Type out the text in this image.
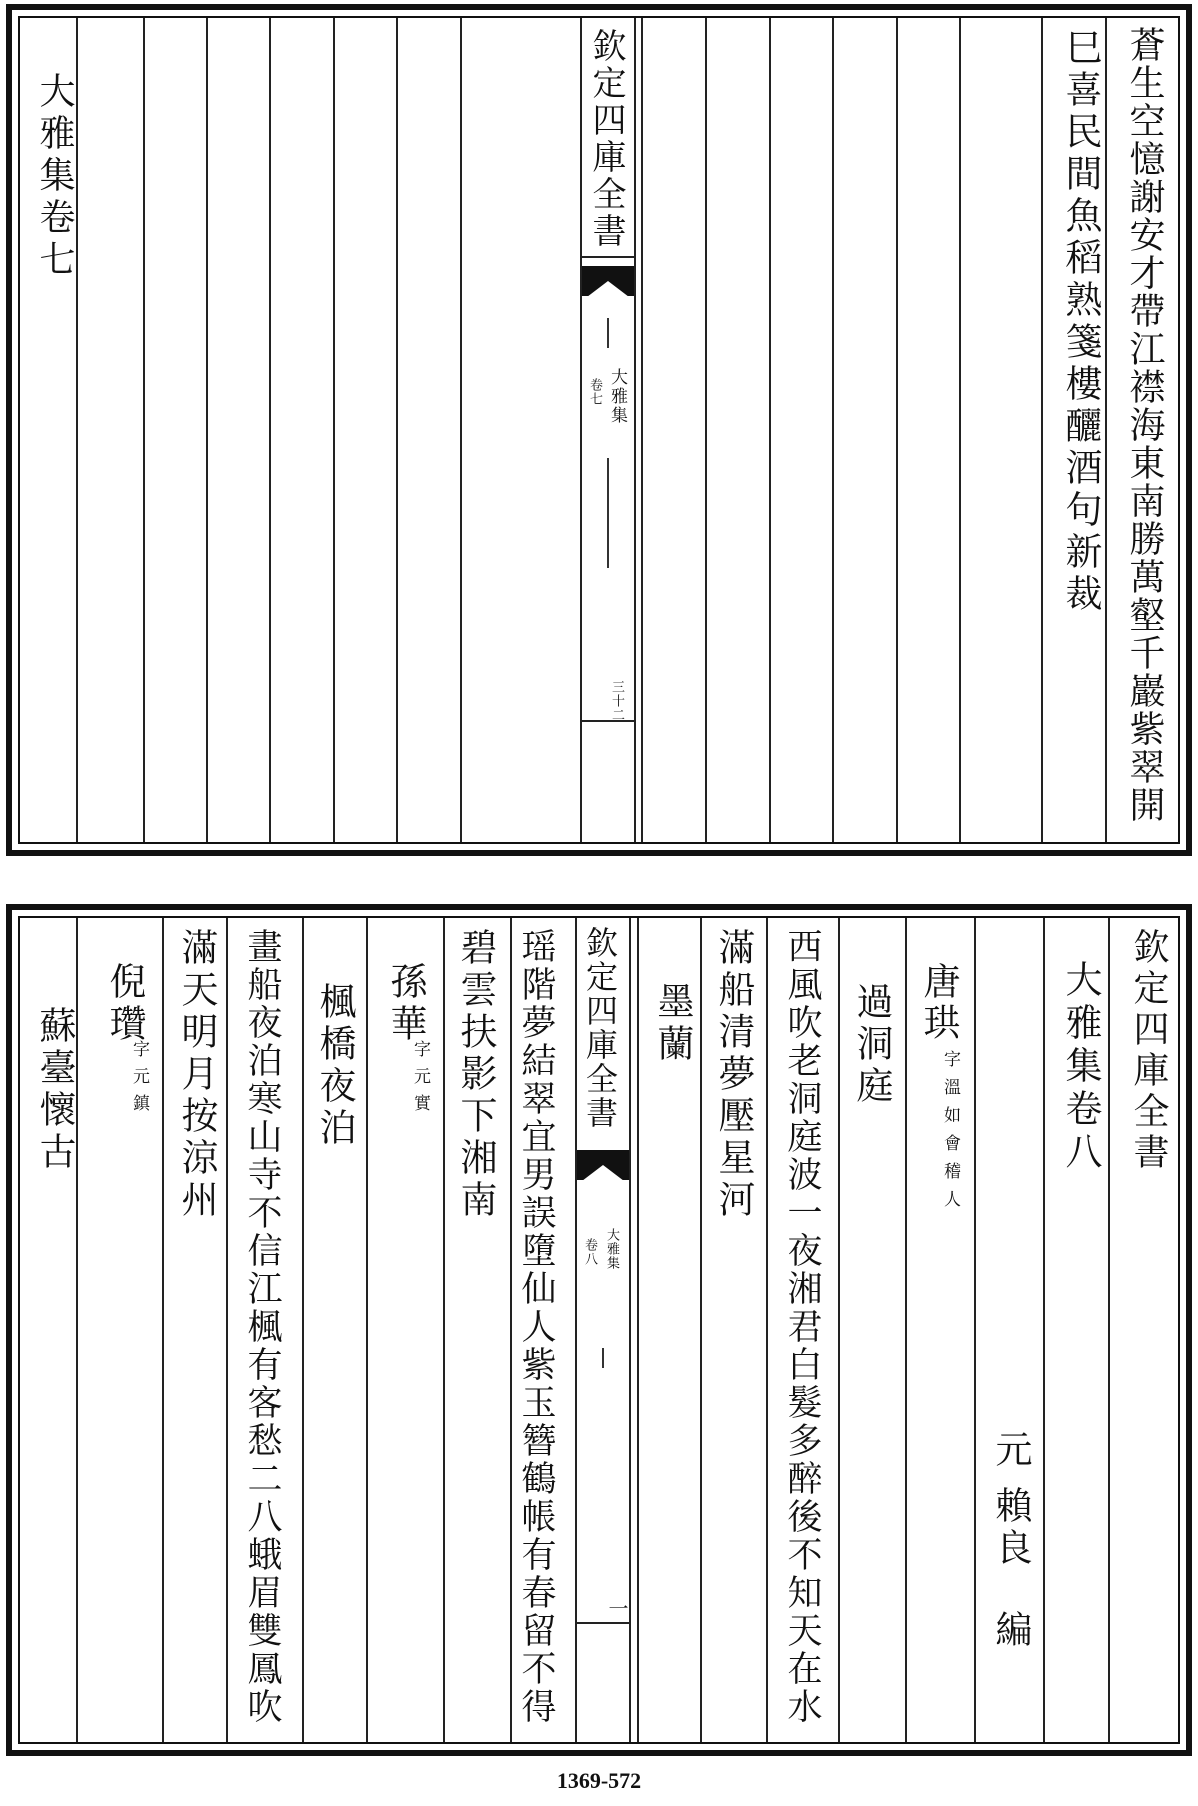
蒼生空憶謝安才帶江襟海東南勝萬壑千巖紫翠開
巳喜民間魚稻熟箋樓釃酒句新裁
欽定四庫全書
大雅集
卷七
三十二
大雅集卷七
欽定四庫全書
大雅集卷八
元
賴良
編
唐珙
字溫如會稽人
過洞庭
西風吹老洞庭波一夜湘君白髮多醉後不知天在水
滿船清夢壓星河
墨蘭
欽定四庫全書
大雅集
卷八
一
瑶階夢結翠宜男誤墮仙人紫玉簪鶴帳有春留不得
碧雲扶影下湘南
孫華
字元實
楓橋夜泊
畫船夜泊寒山寺不信江楓有客愁二八蛾眉雙鳳吹
滿天明月按涼州
倪瓚
字元鎮
蘇臺懷古
1369-572
